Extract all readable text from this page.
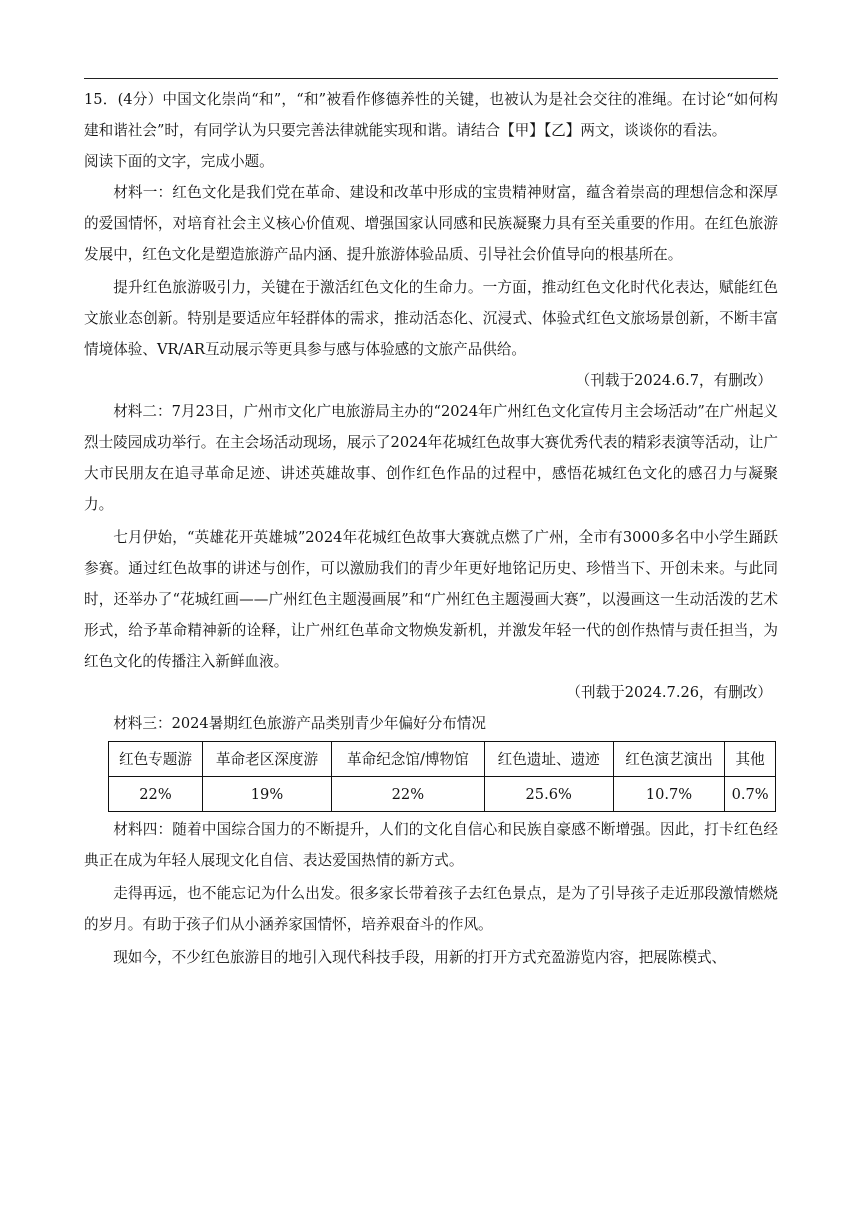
15．(4分）中国文化崇尚“和”，“和”被看作修德养性的关键，也被认为是社会交往的准绳。在讨论“如何构建和谐社会”时，有同学认为只要完善法律就能实现和谐。请结合【甲】【乙】两文，谈谈你的看法。

阅读下面的文字，完成小题。

材料一：红色文化是我们党在革命、建设和改革中形成的宝贵精神财富，蕴含着崇高的理想信念和深厚的爱国情怀，对培育社会主义核心价值观、增强国家认同感和民族凝聚力具有至关重要的作用。在红色旅游发展中，红色文化是塑造旅游产品内涵、提升旅游体验品质、引导社会价值导向的根基所在。

提升红色旅游吸引力，关键在于激活红色文化的生命力。一方面，推动红色文化时代化表达，赋能红色文旅业态创新。特别是要适应年轻群体的需求，推动活态化、沉浸式、体验式红色文旅场景创新，不断丰富情境体验、VR/AR互动展示等更具参与感与体验感的文旅产品供给。

（刊载于2024.6.7，有删改）

材料二：7月23日，广州市文化广电旅游局主办的“2024年广州红色文化宣传月主会场活动”在广州起义烈士陵园成功举行。在主会场活动现场，展示了2024年花城红色故事大赛优秀代表的精彩表演等活动，让广大市民朋友在追寻革命足迹、讲述英雄故事、创作红色作品的过程中，感悟花城红色文化的感召力与凝聚力。

七月伊始，“英雄花开英雄城”2024年花城红色故事大赛就点燃了广州，全市有3000多名中小学生踊跃参赛。通过红色故事的讲述与创作，可以激励我们的青少年更好地铭记历史、珍惜当下、开创未来。与此同时，还举办了“花城红画——广州红色主题漫画展”和“广州红色主题漫画大赛”，以漫画这一生动活泼的艺术形式，给予革命精神新的诠释，让广州红色革命文物焕发新机，并激发年轻一代的创作热情与责任担当，为红色文化的传播注入新鲜血液。

（刊载于2024.7.26，有删改）

材料三：2024暑期红色旅游产品类别青少年偏好分布情况

红色专题游	革命老区深度游	革命纪念馆/博物馆	红色遗址、遗迹	红色演艺演出	其他
22%	19%	22%	25.6%	10.7%	0.7%

材料四：随着中国综合国力的不断提升，人们的文化自信心和民族自豪感不断增强。因此，打卡红色经典正在成为年轻人展现文化自信、表达爱国热情的新方式。

走得再远，也不能忘记为什么出发。很多家长带着孩子去红色景点，是为了引导孩子走近那段激情燃烧的岁月。有助于孩子们从小涵养家国情怀，培养艰奋斗的作风。

现如今，不少红色旅游目的地引入现代科技手段，用新的打开方式充盈游览内容，把展陈模式、
